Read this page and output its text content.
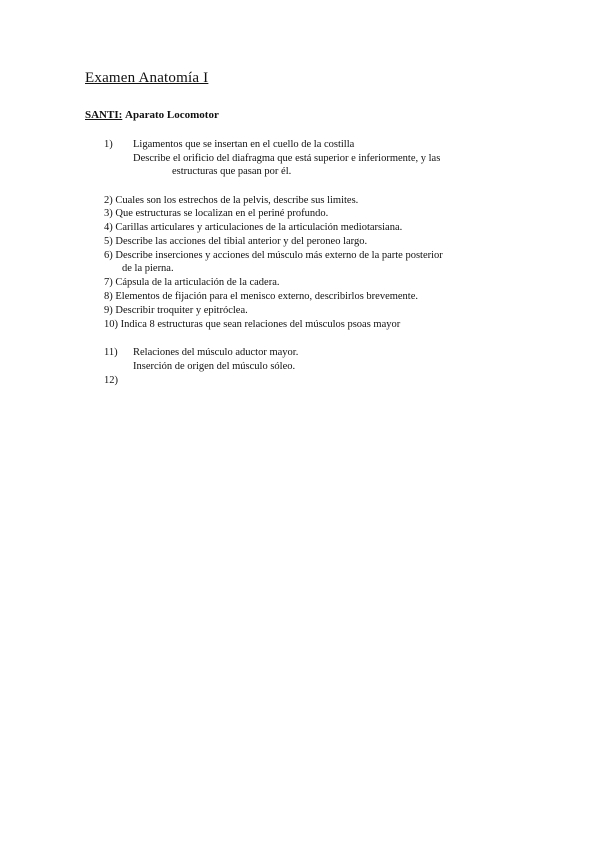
Examen Anatomía I
SANTI: Aparato Locomotor
1) Ligamentos que se insertan en el cuello de la costilla
Describe el orificio del diafragma que está superior e inferiormente, y las
estructuras que pasan por él.
2) Cuales son los estrechos de la pelvis, describe sus limites.
3) Que estructuras se localizan en el periné profundo.
4) Carillas articulares y articulaciones de la articulación mediotarsiana.
5) Describe las acciones del tibial anterior y del peroneo largo.
6) Describe inserciones y acciones del músculo más externo de la parte posterior
de la pierna.
7) Cápsula de la articulación de la cadera.
8) Elementos de fijación para el menisco externo, describirlos brevemente.
9) Describir troquiter y epitróclea.
10) Indica 8 estructuras que sean relaciones del músculos psoas mayor
11) Relaciones del músculo aductor mayor.
Inserción de origen del músculo sóleo.
12)
